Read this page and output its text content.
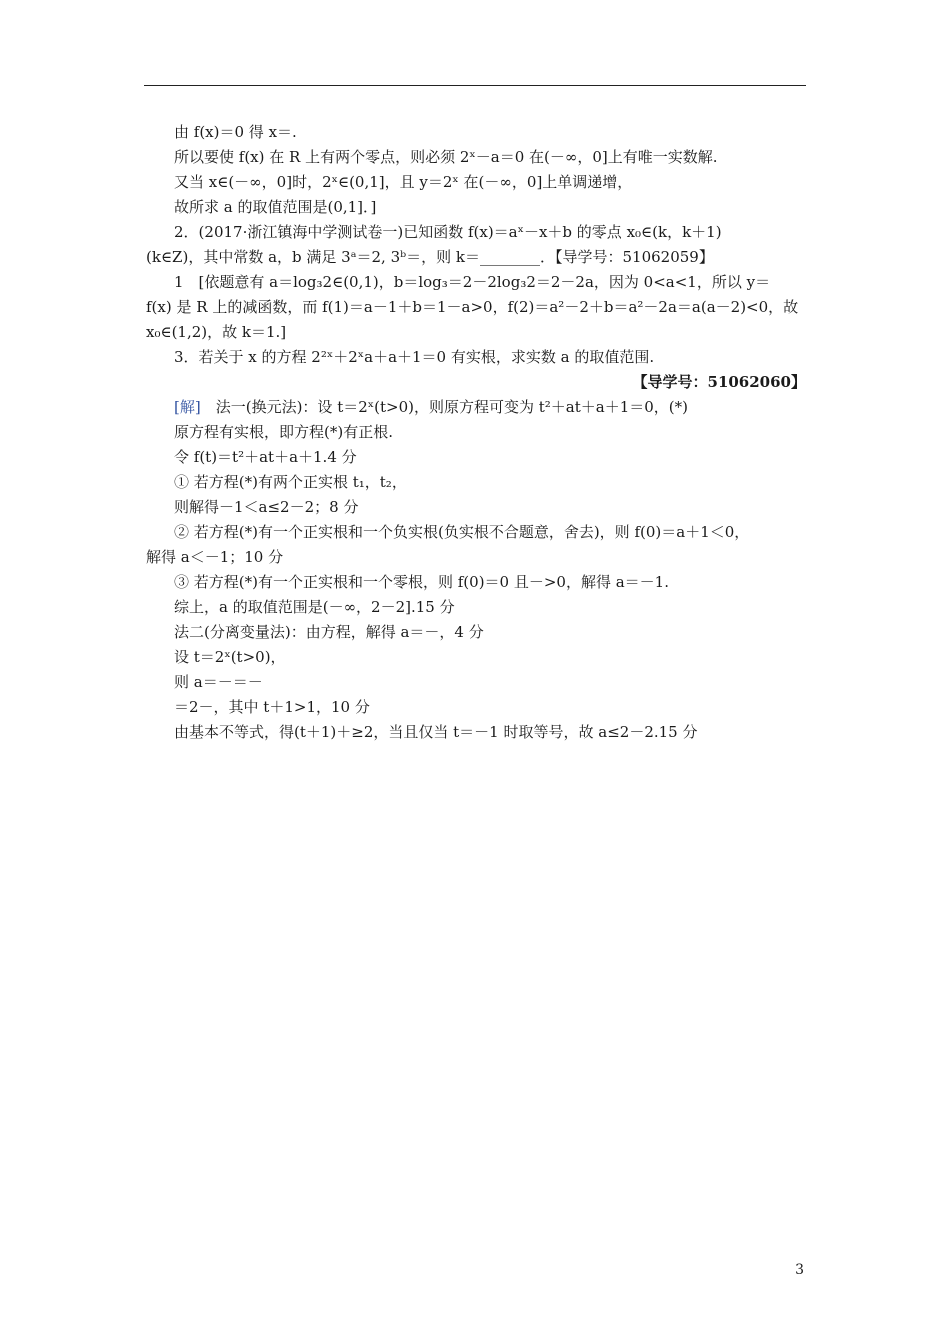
由 f(x)＝0 得 x＝.
所以要使 f(x) 在 R 上有两个零点，则必须 2ˣ－a＝0 在(－∞，0]上有唯一实数解.
又当 x∈(－∞，0]时，2ˣ∈(0,1]，且 y＝2ˣ 在(－∞，0]上单调递增，
故所求 a 的取值范围是(0,1]．]
2．(2017·浙江镇海中学测试卷一)已知函数 f(x)＝aˣ－x＋b 的零点 x₀∈(k，k＋1)
(k∈Z)，其中常数 a，b 满足 3ᵃ＝2, 3ᵇ＝，则 k＝________．【导学号：51062059】
1　[依题意有 a＝log₃2∈(0,1)，b＝log₃＝2－2log₃2＝2－2a，因为 0<a<1，所以 y＝
f(x) 是 R 上的减函数，而 f(1)＝a－1＋b＝1－a>0，f(2)＝a²－2＋b＝a²－2a＝a(a－2)<0，故
x₀∈(1,2)，故 k＝1.]
3．若关于 x 的方程 2²ˣ＋2ˣa＋a＋1＝0 有实根，求实数 a 的取值范围.
【导学号：51062060】
[解]　法一(换元法)：设 t＝2ˣ(t>0)，则原方程可变为 t²＋at＋a＋1＝0，(*)
原方程有实根，即方程(*)有正根.
令 f(t)＝t²＋at＋a＋1.4 分
① 若方程(*)有两个正实根 t₁，t₂，
则解得－1＜a≤2－2；8 分
② 若方程(*)有一个正实根和一个负实根(负实根不合题意，舍去)，则 f(0)＝a＋1＜0，
解得 a＜－1；10 分
③ 若方程(*)有一个正实根和一个零根，则 f(0)＝0 且－>0，解得 a＝－1.
综上，a 的取值范围是(－∞，2－2].15 分
法二(分离变量法)：由方程，解得 a＝－，4 分
设 t＝2ˣ(t>0)，
则 a＝－＝－
＝2－，其中 t＋1>1，10 分
由基本不等式，得(t＋1)＋≥2，当且仅当 t＝－1 时取等号，故 a≤2－2.15 分
3
